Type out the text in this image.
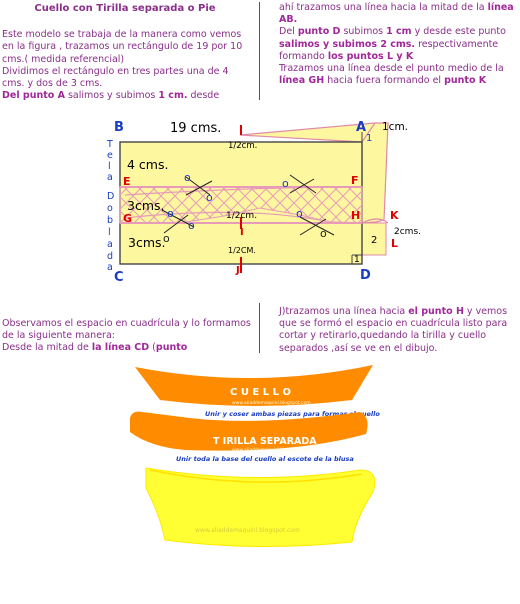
Cuello con Tirilla separada o Pie

Este modelo se trabaja de la manera como vemos en la figura , trazamos un rectángulo de 19 por 10 cms.( medida referencial)

Dividimos el rectángulo en tres partes una de 4 cms. y dos de 3 cms.

Del punto A salimos y subimos 1 cm. desde

ahí trazamos una línea hacia la mitad de la línea AB.

Del punto D subimos 1 cm y desde este punto salimos y subimos 2 cms. respectivamente formando los puntos L y K

Trazamos una línea desde el punto medio de la línea GH hacia fuera formando el punto K

o
o
o
o
o
o
o	o
B	A
C	D
E	F
G	H
I
J
K
L
19 cms.	1cm.
1
1
1/2cm.
1/2cm.
1/2CM.
4 cms.
3cms.
3cms.	2
2cms.
T
e
l
a
D
o
b
l
a
d
a

Observamos el espacio en cuadrícula y lo formamos de la siguiente manera:

Desde la mitad de la línea CD (punto

J)trazamos una línea hacia el punto H y vemos que se formó el espacio en cuadrícula listo para cortar y retirarlo,quedando la tirilla y cuello separados ,así se ve en el dibujo.

C U E L L O
www.aliaddemaquinl.blogspot.com
Unir y coser ambas piezas para formar el cuello
T IRILLA SEPARADA
www.aliaddemaquinl.blogspot.com
Unir toda la base del cuello al escote de la blusa
www.aliaddemaquinl.blogspot.com
